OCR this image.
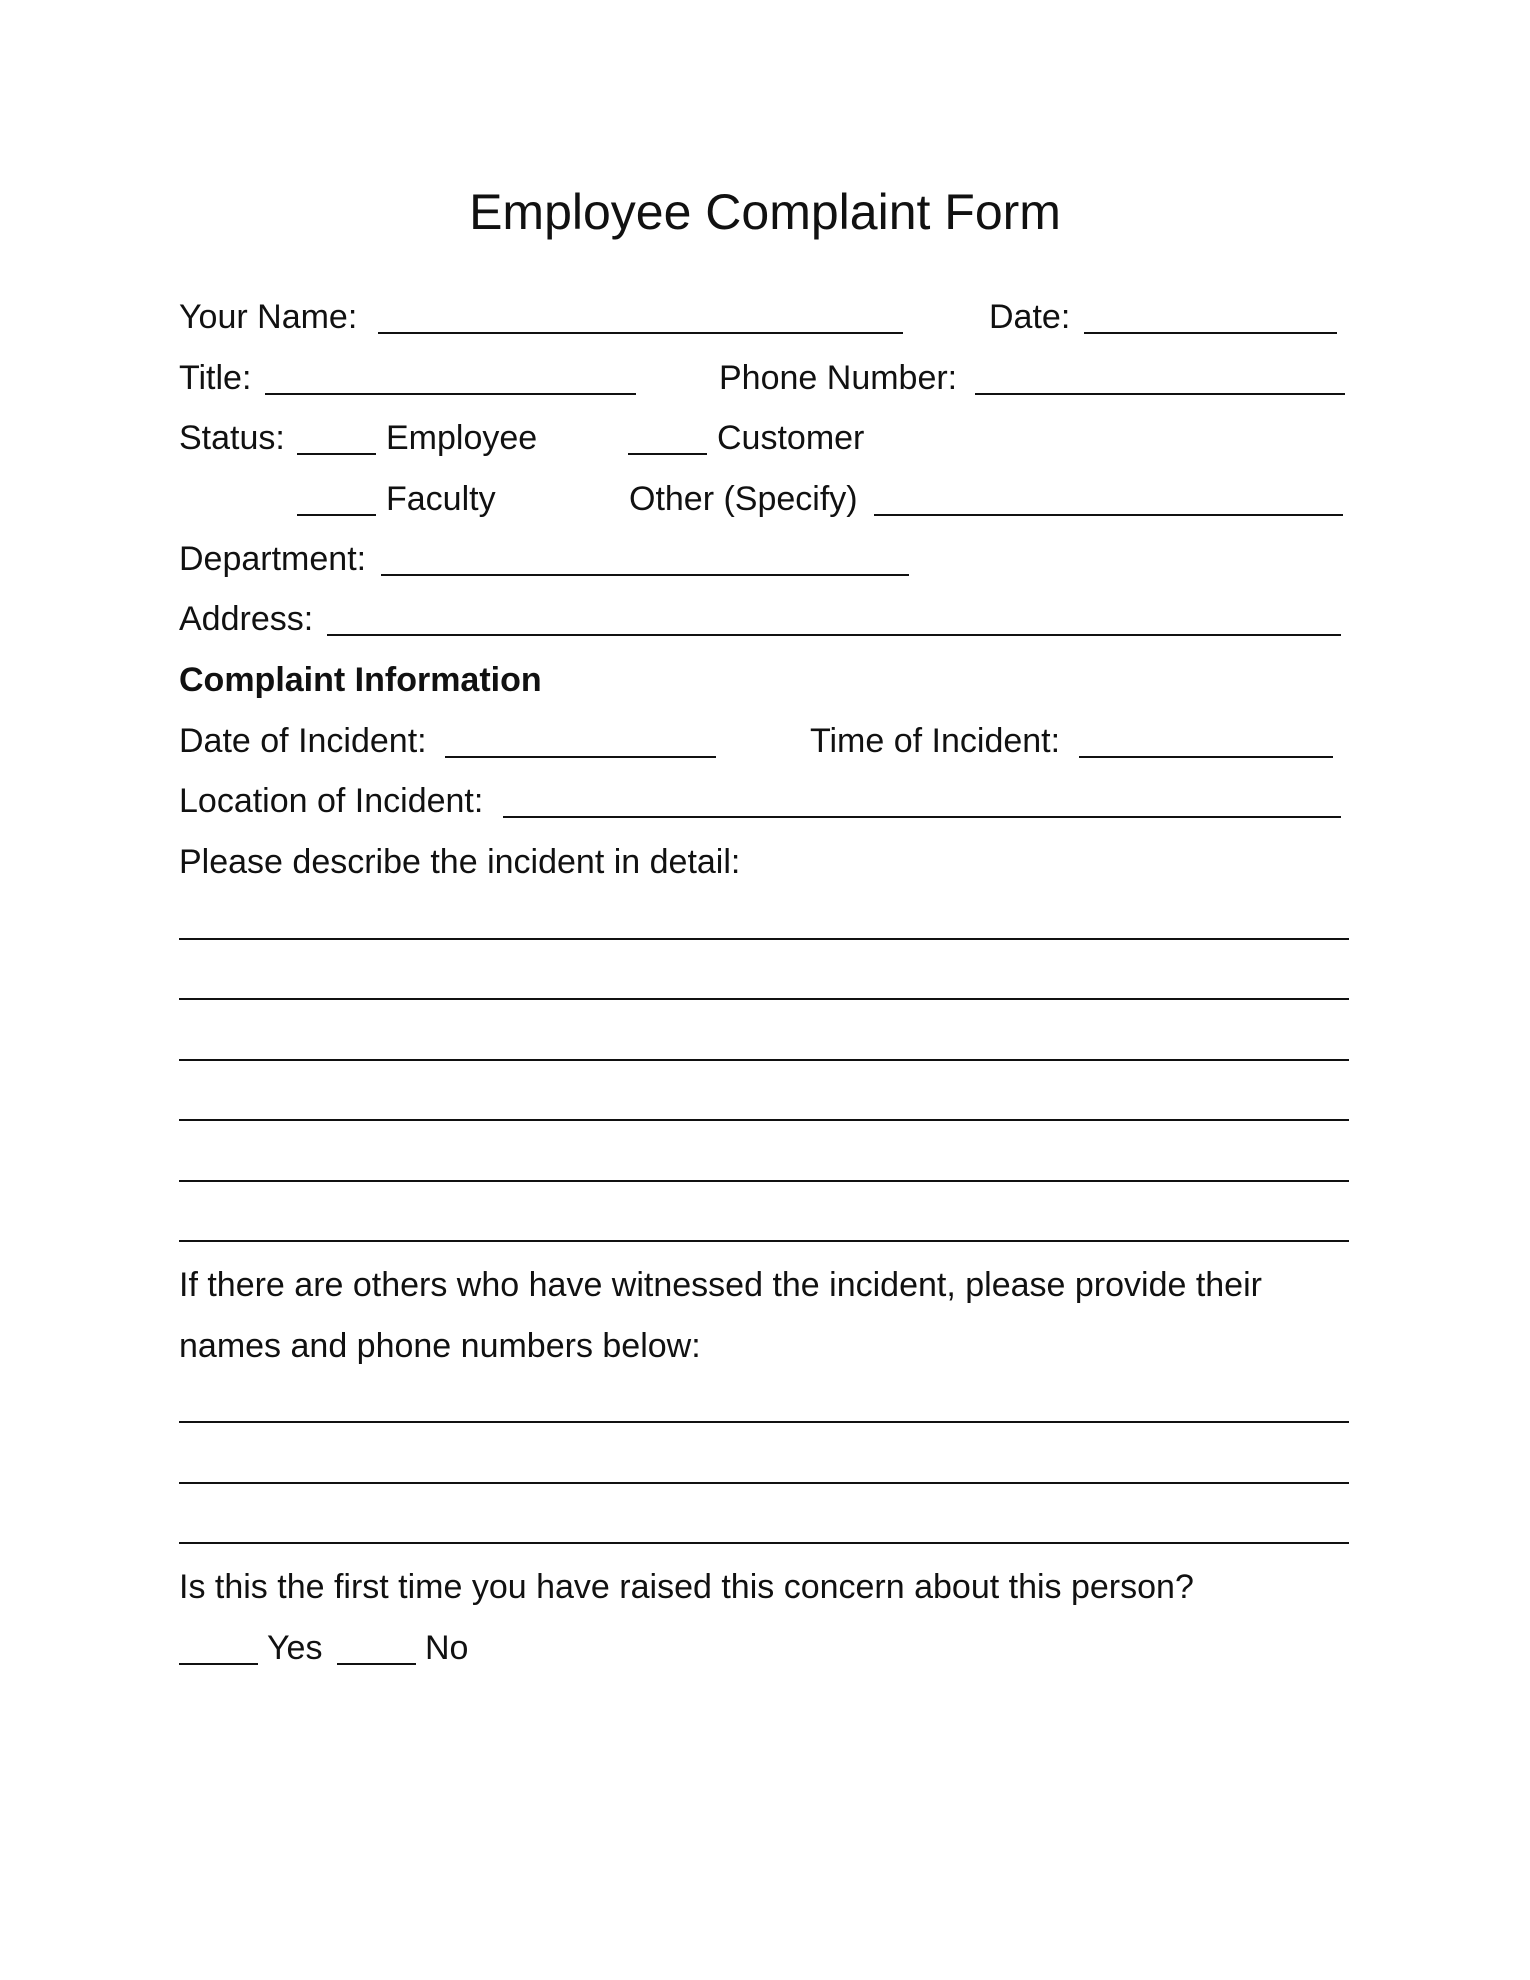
Employee Complaint Form
Your Name:	Date:
Title:	Phone Number:
Status:	Employee	Customer
Faculty	Other (Specify)
Department:
Address:
Complaint Information
Date of Incident:	Time of Incident:
Location of Incident:
Please describe the incident in detail:
If there are others who have witnessed the incident, please provide their
names and phone numbers below:
Is this the first time you have raised this concern about this person?
Yes	No
